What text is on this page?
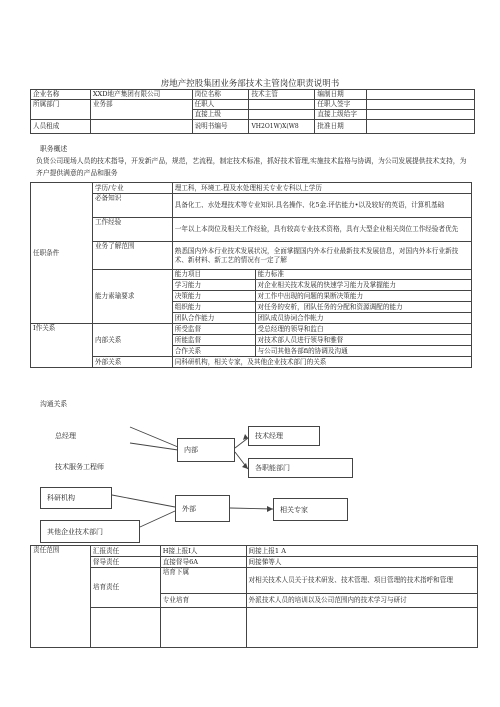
房地产控股集团业务部技术主管岗位职责说明书
企业名称	XXD地产集团有限公司	岗位名称	技术主管	编制日期	
所属部门	业务部	任职人		任职人签字	
		直接上级		直接上级给字	
人员租成		说明书编号	VH2O1W)X(W8	批准日期	
职务概述
负货公司现场人员的技术指导，开发新产品，规范，艺流程，制定技术标准，抓好技术管理,实施技术监格与协调，为公司发展提供技术支持，为齐户提供满意的产品和服务
任职条件	学历/专业	理工科，环境工.程及水处理相关专业专科以上学历	
	必备知识	具备化工、水处理技术等专业知识.具名操作、化5金.评估能力•以及较好的英语，计算机基础	
	工作经验	一年以上本岗位及相关工作经验，具有较高专业技术资格，具有大型企业相关岗位工作经验者优先	
	业务了解范围	熟悉国内外本行业技术发展状况，全面掌握国内外本行业最新技术发展信息，对国内外本行业新技术、新材料、新工艺的情况有一定了解	
	能力素瑜要求	能力项目	能力标准
		学习能力	对企业相关技术发展的快速学习能力及掌握能力
		决策能力	对工作中出现的问题的果断决策能力
		组织能力	对任务的安析，团队任务的分配和资源调配的能力
		团队合作能力	团队成员协词合作帐力

I作关系	内部关系	所受监督	受总经理的领导和监白
		所能监督	对技术部人员进行领导和雅督
		合作关系	与公司其他各部fi的协调及沟通
	外部关系	同科研机构，相关专家，及其他企业技术部门的关系	
沟通关系
总经理
技术服务工程师
内部
技术经理
各职能部门
科研机构
外部	相关专家
其他企业技术部门
责任范围	汇报责任	H接上报I人	间接上报1 A
	督导责任	直接督导6A	间接悌等人
	培育责任	培育下属	对相关技术人员关于技术研发、技术管理、项目管理的技术指呼和管理
		专业培育	外派技术人员的培训以及公司范围内的技术学习与研讨
